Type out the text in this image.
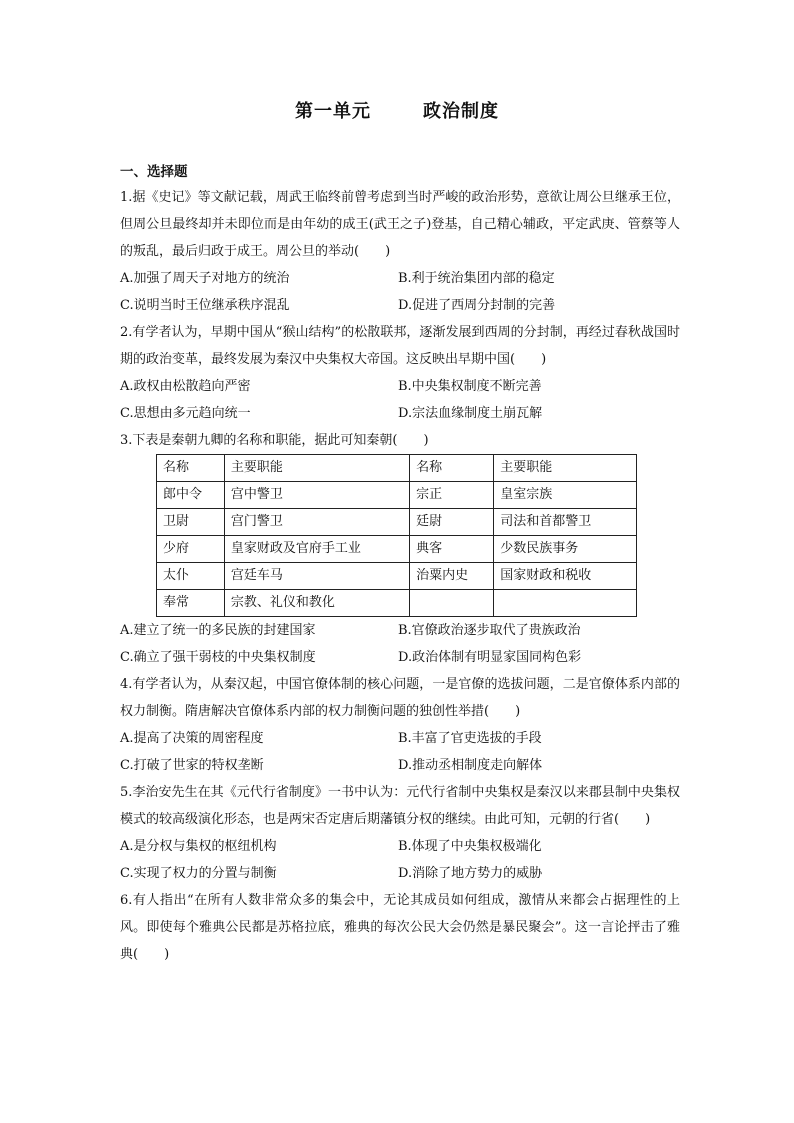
第一单元	政治制度
一、选择题

1.据《史记》等文献记载，周武王临终前曾考虑到当时严峻的政治形势，意欲让周公旦继承王位，但周公旦最终却并未即位而是由年幼的成王(武王之子)登基，自己精心辅政，平定武庚、管蔡等人的叛乱，最后归政于成王。周公旦的举动(　　)

A.加强了周天子对地方的统治	B.利于统治集团内部的稳定

C.说明当时王位继承秩序混乱	D.促进了西周分封制的完善

2.有学者认为，早期中国从“猴山结构”的松散联邦，逐渐发展到西周的分封制，再经过春秋战国时期的政治变革，最终发展为秦汉中央集权大帝国。这反映出早期中国(　　)

A.政权由松散趋向严密	B.中央集权制度不断完善

C.思想由多元趋向统一	D.宗法血缘制度土崩瓦解

3.下表是秦朝九卿的名称和职能，据此可知秦朝(　　)

名称	主要职能	名称	主要职能
郎中令	宫中警卫	宗正	皇室宗族
卫尉	宫门警卫	廷尉	司法和首都警卫
少府	皇家财政及官府手工业	典客	少数民族事务
太仆	宫廷车马	治粟内史	国家财政和税收
奉常	宗教、礼仪和教化		

A.建立了统一的多民族的封建国家	B.官僚政治逐步取代了贵族政治

C.确立了强干弱枝的中央集权制度	D.政治体制有明显家国同构色彩

4.有学者认为，从秦汉起，中国官僚体制的核心问题，一是官僚的选拔问题，二是官僚体系内部的权力制衡。隋唐解决官僚体系内部的权力制衡问题的独创性举措(　　)

A.提高了决策的周密程度	B.丰富了官吏选拔的手段

C.打破了世家的特权垄断	D.推动丞相制度走向解体

5.李治安先生在其《元代行省制度》一书中认为：元代行省制中央集权是秦汉以来郡县制中央集权模式的较高级演化形态，也是两宋否定唐后期藩镇分权的继续。由此可知，元朝的行省(　　)

A.是分权与集权的枢纽机构	B.体现了中央集权极端化

C.实现了权力的分置与制衡	D.消除了地方势力的威胁

6.有人指出“在所有人数非常众多的集会中，无论其成员如何组成，激情从来都会占据理性的上风。即使每个雅典公民都是苏格拉底，雅典的每次公民大会仍然是暴民聚会”。这一言论抨击了雅典(　　)
